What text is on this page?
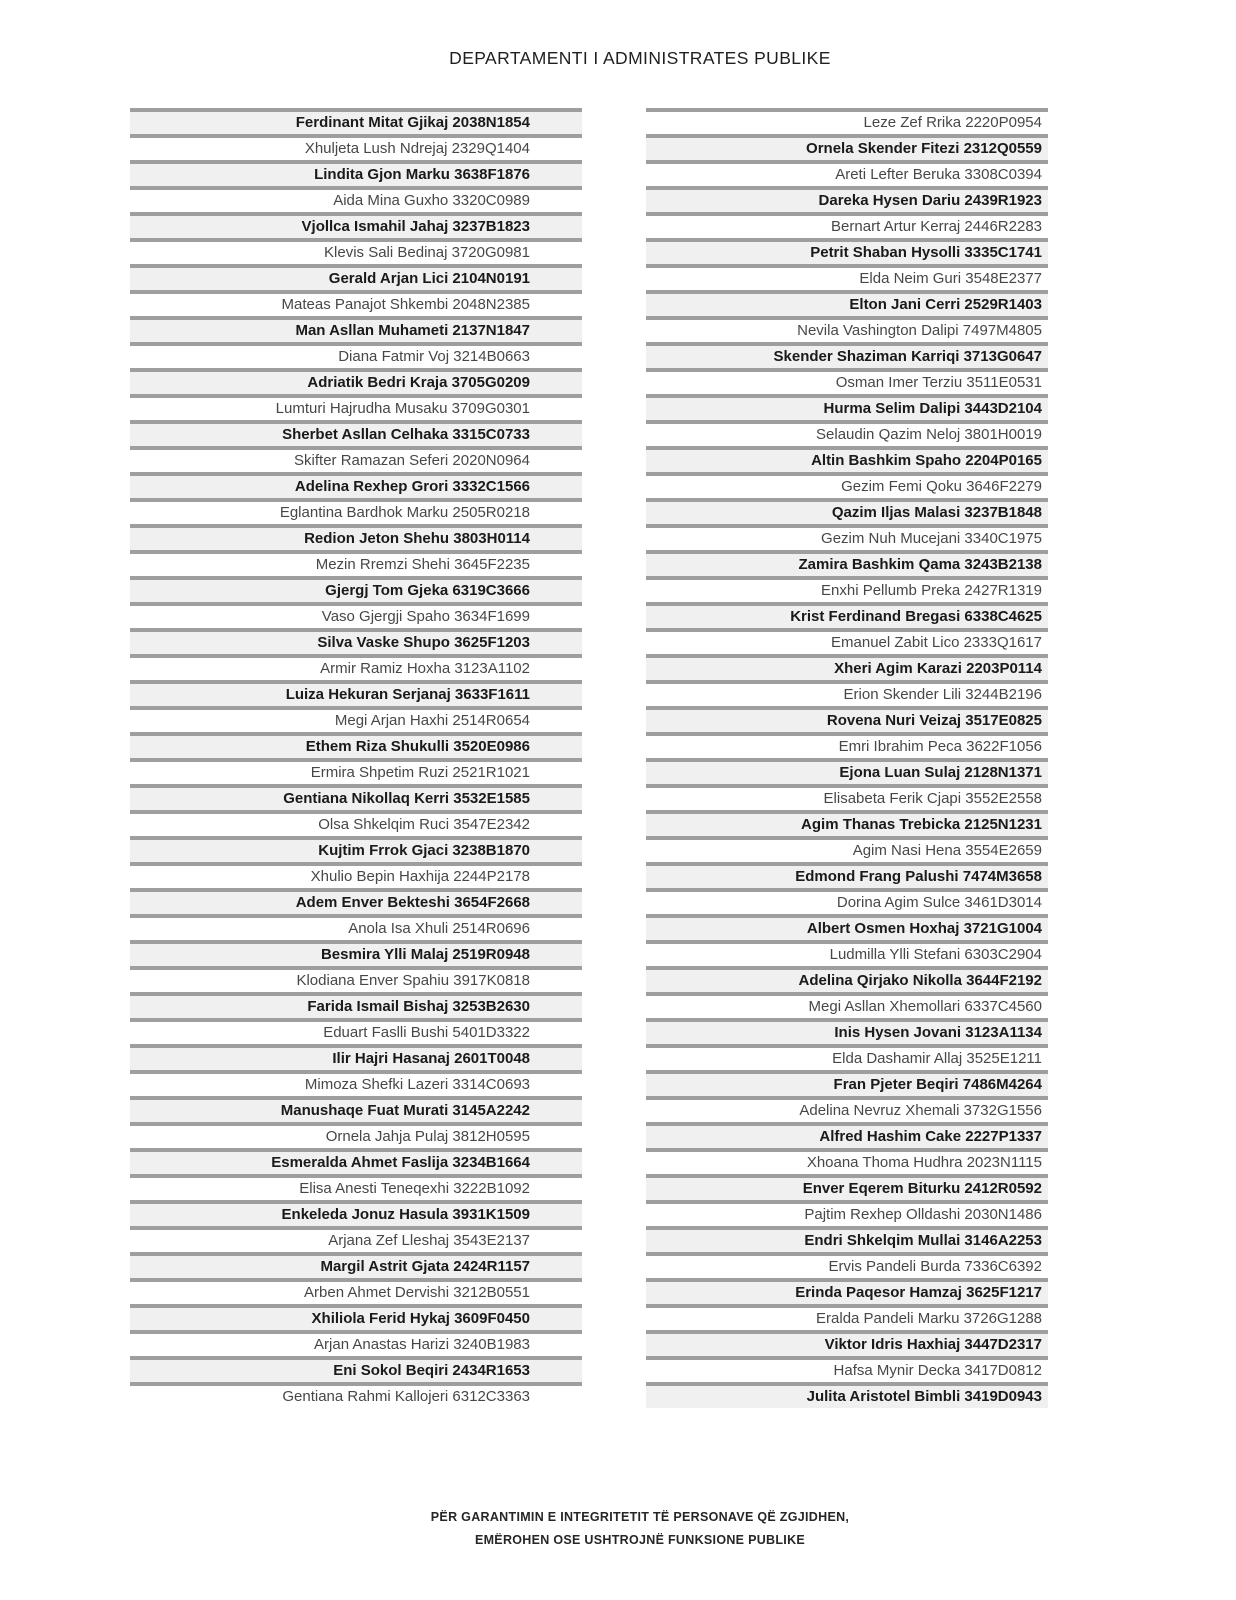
DEPARTAMENTI I ADMINISTRATES PUBLIKE
Ferdinant Mitat Gjikaj 2038N1854
Xhuljeta Lush Ndrejaj 2329Q1404
Lindita Gjon Marku 3638F1876
Aida Mina Guxho 3320C0989
Vjollca Ismahil Jahaj 3237B1823
Klevis Sali Bedinaj 3720G0981
Gerald Arjan Lici 2104N0191
Mateas Panajot Shkembi 2048N2385
Man Asllan Muhameti 2137N1847
Diana Fatmir Voj 3214B0663
Adriatik Bedri Kraja 3705G0209
Lumturi Hajrudha Musaku 3709G0301
Sherbet Asllan Celhaka 3315C0733
Skifter Ramazan Seferi 2020N0964
Adelina Rexhep Grori 3332C1566
Eglantina Bardhok Marku 2505R0218
Redion Jeton Shehu 3803H0114
Mezin Rremzi Shehi 3645F2235
Gjergj Tom Gjeka 6319C3666
Vaso Gjergji Spaho 3634F1699
Silva Vaske Shupo 3625F1203
Armir Ramiz Hoxha 3123A1102
Luiza Hekuran Serjanaj 3633F1611
Megi Arjan Haxhi 2514R0654
Ethem Riza Shukulli 3520E0986
Ermira Shpetim Ruzi 2521R1021
Gentiana Nikollaq Kerri 3532E1585
Olsa Shkelqim Ruci 3547E2342
Kujtim Frrok Gjaci 3238B1870
Xhulio Bepin Haxhija 2244P2178
Adem Enver Bekteshi 3654F2668
Anola Isa Xhuli 2514R0696
Besmira Ylli Malaj 2519R0948
Klodiana Enver Spahiu 3917K0818
Farida Ismail Bishaj 3253B2630
Eduart Faslli Bushi 5401D3322
Ilir Hajri Hasanaj 2601T0048
Mimoza Shefki Lazeri 3314C0693
Manushaqe Fuat Murati 3145A2242
Ornela Jahja Pulaj 3812H0595
Esmeralda Ahmet Faslija 3234B1664
Elisa Anesti Teneqexhi 3222B1092
Enkeleda Jonuz Hasula 3931K1509
Arjana Zef Lleshaj 3543E2137
Margil Astrit Gjata 2424R1157
Arben Ahmet Dervishi 3212B0551
Xhiliola Ferid Hykaj 3609F0450
Arjan Anastas Harizi 3240B1983
Eni Sokol Beqiri 2434R1653
Gentiana Rahmi Kallojeri 6312C3363
Leze Zef Rrika 2220P0954
Ornela Skender Fitezi 2312Q0559
Areti Lefter Beruka 3308C0394
Dareka Hysen Dariu 2439R1923
Bernart Artur Kerraj 2446R2283
Petrit Shaban Hysolli 3335C1741
Elda Neim Guri 3548E2377
Elton Jani Cerri 2529R1403
Nevila Vashington Dalipi 7497M4805
Skender Shaziman Karriqi 3713G0647
Osman Imer Terziu 3511E0531
Hurma Selim Dalipi 3443D2104
Selaudin Qazim Neloj 3801H0019
Altin Bashkim Spaho 2204P0165
Gezim Femi Qoku 3646F2279
Qazim Iljas Malasi 3237B1848
Gezim Nuh Mucejani 3340C1975
Zamira Bashkim Qama 3243B2138
Enxhi Pellumb Preka 2427R1319
Krist Ferdinand Bregasi 6338C4625
Emanuel Zabit Lico 2333Q1617
Xheri Agim Karazi 2203P0114
Erion Skender Lili 3244B2196
Rovena Nuri Veizaj 3517E0825
Emri Ibrahim Peca 3622F1056
Ejona Luan Sulaj 2128N1371
Elisabeta Ferik Cjapi 3552E2558
Agim Thanas Trebicka 2125N1231
Agim Nasi Hena 3554E2659
Edmond Frang Palushi 7474M3658
Dorina Agim Sulce 3461D3014
Albert Osmen Hoxhaj 3721G1004
Ludmilla Ylli Stefani 6303C2904
Adelina Qirjako Nikolla 3644F2192
Megi Asllan Xhemollari 6337C4560
Inis Hysen Jovani 3123A1134
Elda Dashamir Allaj 3525E1211
Fran Pjeter Beqiri 7486M4264
Adelina Nevruz Xhemali 3732G1556
Alfred Hashim Cake 2227P1337
Xhoana Thoma Hudhra 2023N1115
Enver Eqerem Biturku 2412R0592
Pajtim Rexhep Olldashi 2030N1486
Endri Shkelqim Mullai 3146A2253
Ervis Pandeli Burda 7336C6392
Erinda Paqesor Hamzaj 3625F1217
Eralda Pandeli Marku 3726G1288
Viktor Idris Haxhiaj 3447D2317
Hafsa Mynir Decka 3417D0812
Julita Aristotel Bimbli 3419D0943
PËR GARANTIMIN E INTEGRITETIT TË PERSONAVE QË ZGJIDHEN,
EMËROHEN OSE USHTROJNË FUNKSIONE PUBLIKE
